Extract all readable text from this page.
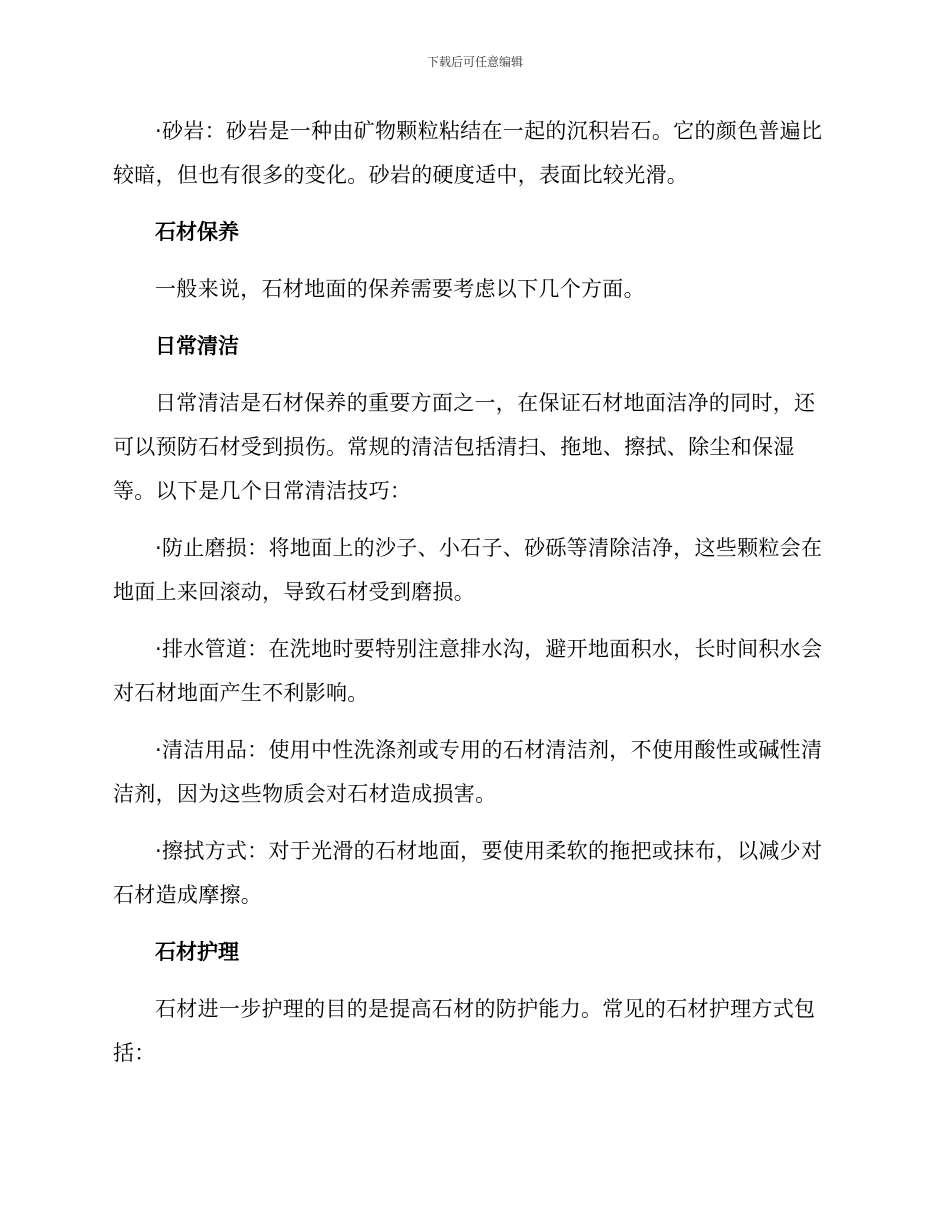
下载后可任意编辑

·砂岩：砂岩是一种由矿物颗粒粘结在一起的沉积岩石。它的颜色普遍比较暗，但也有很多的变化。砂岩的硬度适中，表面比较光滑。

石材保养

一般来说，石材地面的保养需要考虑以下几个方面。

日常清洁

日常清洁是石材保养的重要方面之一，在保证石材地面洁净的同时，还可以预防石材受到损伤。常规的清洁包括清扫、拖地、擦拭、除尘和保湿等。以下是几个日常清洁技巧：

·防止磨损：将地面上的沙子、小石子、砂砾等清除洁净，这些颗粒会在地面上来回滚动，导致石材受到磨损。

·排水管道：在洗地时要特别注意排水沟，避开地面积水，长时间积水会对石材地面产生不利影响。

·清洁用品：使用中性洗涤剂或专用的石材清洁剂，不使用酸性或碱性清洁剂，因为这些物质会对石材造成损害。

·擦拭方式：对于光滑的石材地面，要使用柔软的拖把或抹布，以减少对石材造成摩擦。

石材护理

石材进一步护理的目的是提高石材的防护能力。常见的石材护理方式包括：
